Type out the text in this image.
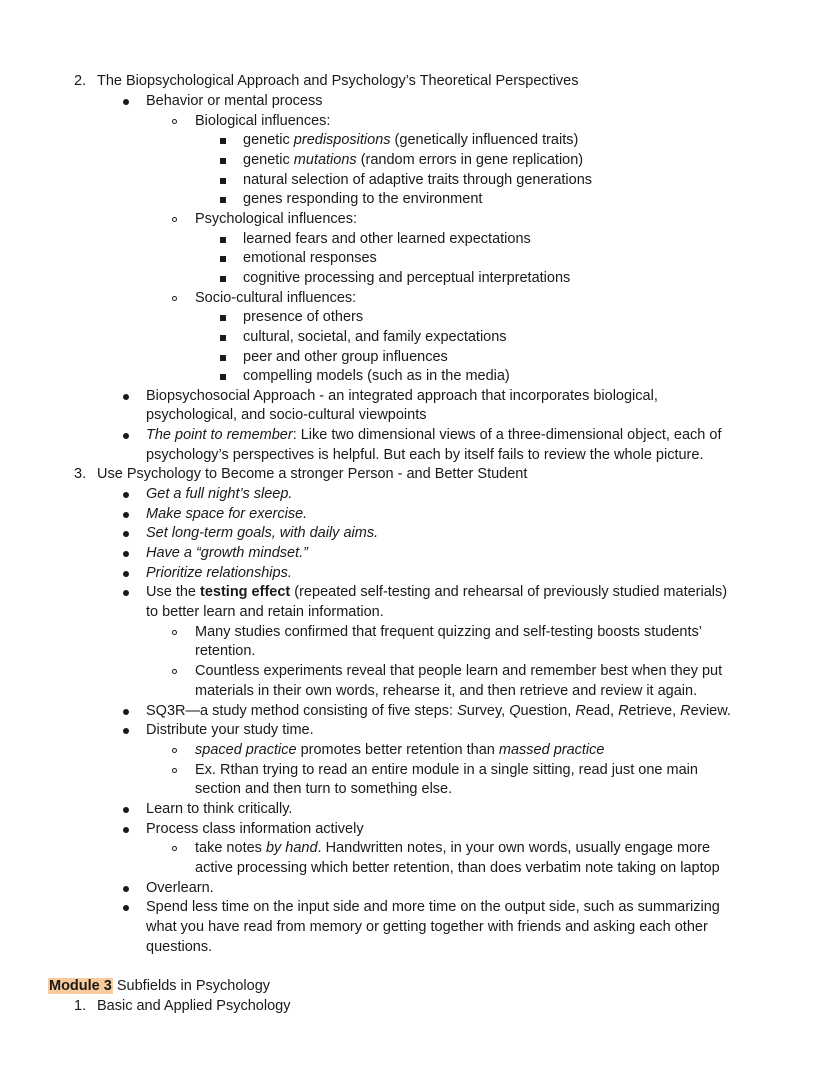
2. The Biopsychological Approach and Psychology’s Theoretical Perspectives
Behavior or mental process
Biological influences:
genetic predispositions (genetically influenced traits)
genetic mutations (random errors in gene replication)
natural selection of adaptive traits through generations
genes responding to the environment
Psychological influences:
learned fears and other learned expectations
emotional responses
cognitive processing and perceptual interpretations
Socio-cultural influences:
presence of others
cultural, societal, and family expectations
peer and other group influences
compelling models (such as in the media)
Biopsychosocial Approach - an integrated approach that incorporates biological,
psychological, and socio-cultural viewpoints
The point to remember: Like two dimensional views of a three-dimensional object, each of
psychology’s perspectives is helpful. But each by itself fails to review the whole picture.
3. Use Psychology to Become a stronger Person - and Better Student
Get a full night’s sleep.
Make space for exercise.
Set long-term goals, with daily aims.
Have a “growth mindset.”
Prioritize relationships.
Use the testing effect (repeated self-testing and rehearsal of previously studied materials)
to better learn and retain information.
Many studies confirmed that frequent quizzing and self-testing boosts students’
retention.
Countless experiments reveal that people learn and remember best when they put
materials in their own words, rehearse it, and then retrieve and review it again.
SQ3R—a study method consisting of five steps: Survey, Question, Read, Retrieve, Review.
Distribute your study time.
spaced practice promotes better retention than massed practice
Ex. Rthan trying to read an entire module in a single sitting, read just one main
section and then turn to something else.
Learn to think critically.
Process class information actively
take notes by hand. Handwritten notes, in your own words, usually engage more
active processing which better retention, than does verbatim note taking on laptop
Overlearn.
Spend less time on the input side and more time on the output side, such as summarizing
what you have read from memory or getting together with friends and asking each other
questions.
Module 3 Subfields in Psychology
1. Basic and Applied Psychology
